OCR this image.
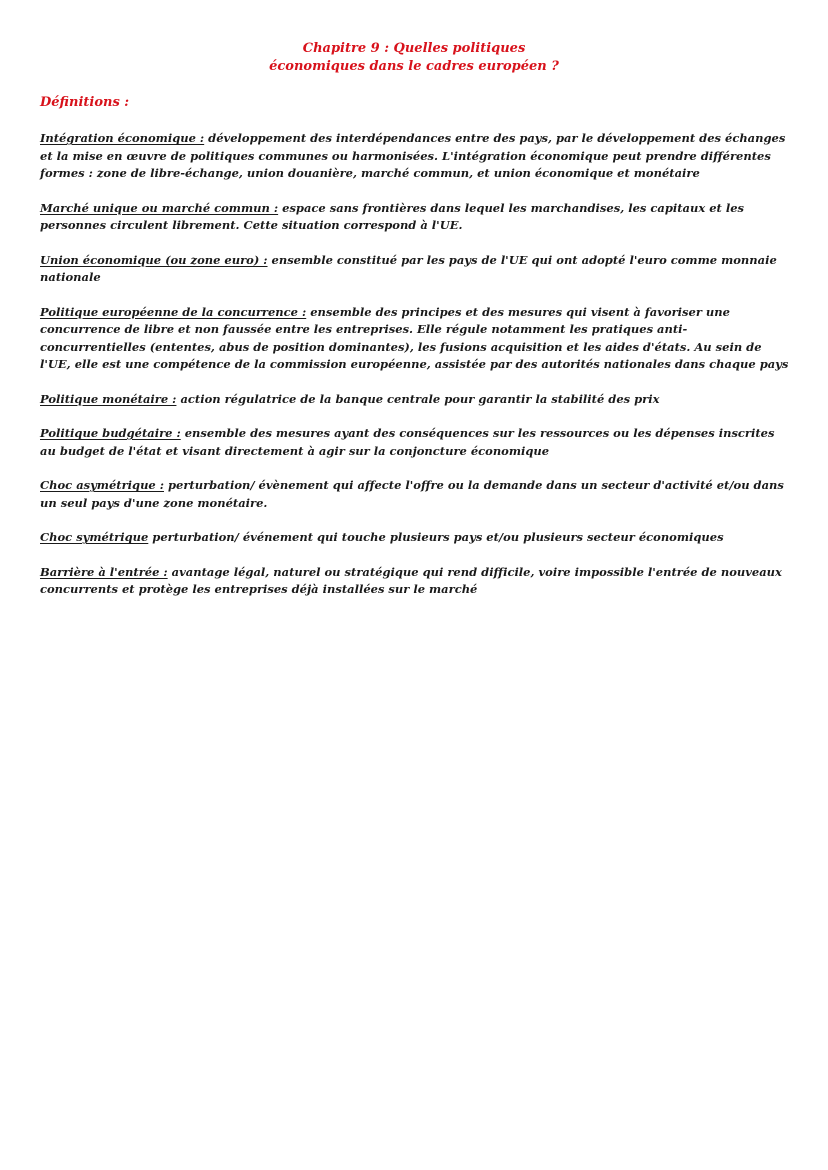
Chapitre 9 : Quelles politiques
économiques dans le cadres européen ?
Définitions :

Intégration économique : développement des interdépendances entre des pays, par le développement des échanges et la mise en œuvre de politiques communes ou harmonisées. L'intégration économique peut prendre différentes formes : zone de libre-échange, union douanière, marché commun, et union économique et monétaire

Marché unique ou marché commun : espace sans frontières dans lequel les marchandises, les capitaux et les personnes circulent librement. Cette situation correspond à l'UE.

Union économique (ou zone euro) : ensemble constitué par les pays de l'UE qui ont adopté l'euro comme monnaie nationale

Politique européenne de la concurrence : ensemble des principes et des mesures qui visent à favoriser une concurrence de libre et non faussée entre les entreprises. Elle régule notamment les pratiques anti-concurrentielles (ententes, abus de position dominantes), les fusions acquisition et les aides d'états. Au sein de l'UE, elle est une compétence de la commission européenne, assistée par des autorités nationales dans chaque pays

Politique monétaire : action régulatrice de la banque centrale pour garantir la stabilité des prix

Politique budgétaire : ensemble des mesures ayant des conséquences sur les ressources ou les dépenses inscrites au budget de l'état et visant directement à agir sur la conjoncture économique

Choc asymétrique : perturbation/ évènement qui affecte l'offre ou la demande dans un secteur d'activité et/ou dans un seul pays d'une zone monétaire.

Choc symétrique perturbation/ événement qui touche plusieurs pays et/ou plusieurs secteur économiques

Barrière à l'entrée : avantage légal, naturel ou stratégique qui rend difficile, voire impossible l'entrée de nouveaux concurrents et protège les entreprises déjà installées sur le marché
